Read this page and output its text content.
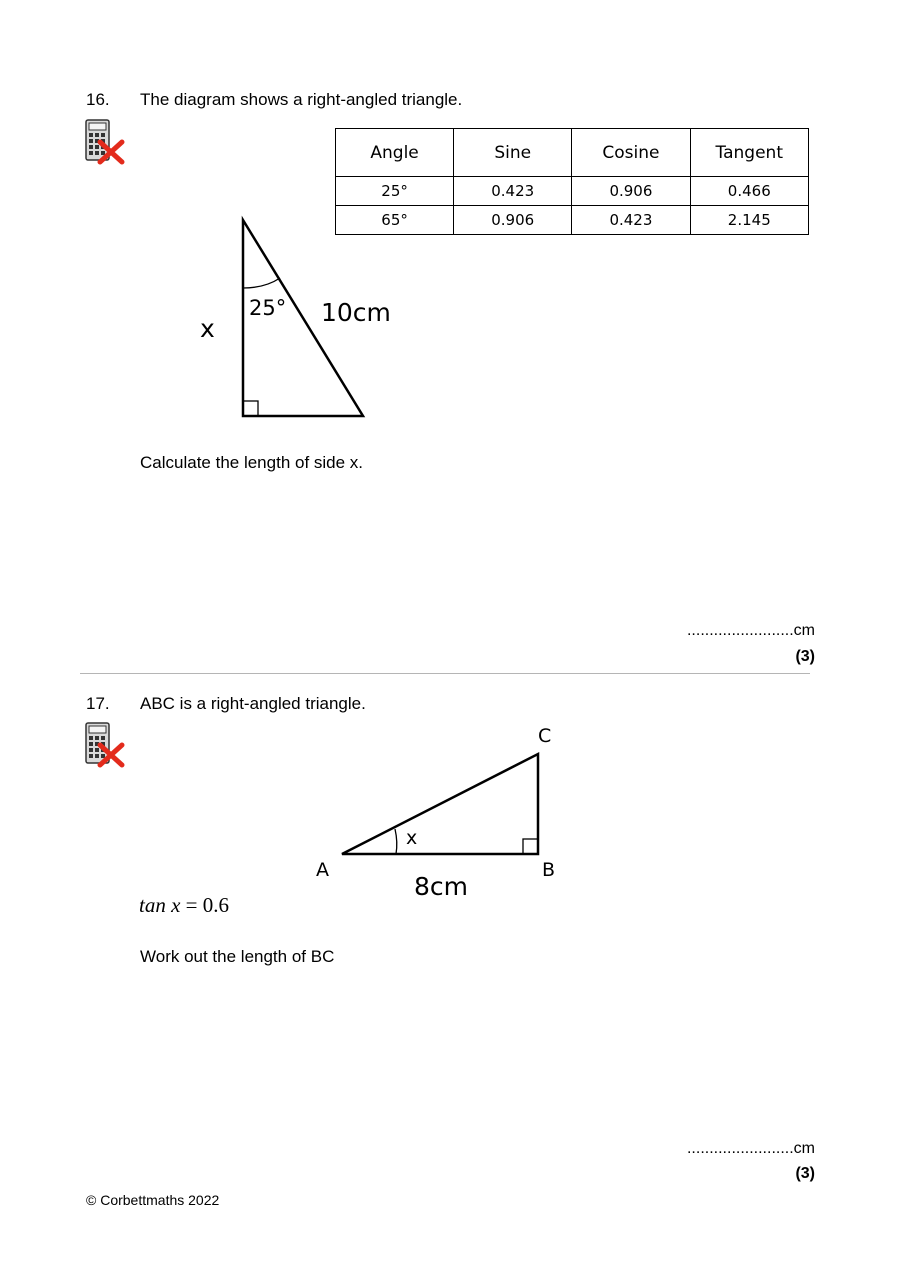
16. The diagram shows a right-angled triangle.
Angle	Sine	Cosine	Tangent
25°	0.423	0.906	0.466
65°	0.906	0.423	2.145
25° 10cm
x
Calculate the length of side x.
........................cm
(3)
17. ABC is a right-angled triangle.
x
C
A	B
8cm
tan x = 0.6
Work out the length of BC
........................cm
(3)
© Corbettmaths 2022
